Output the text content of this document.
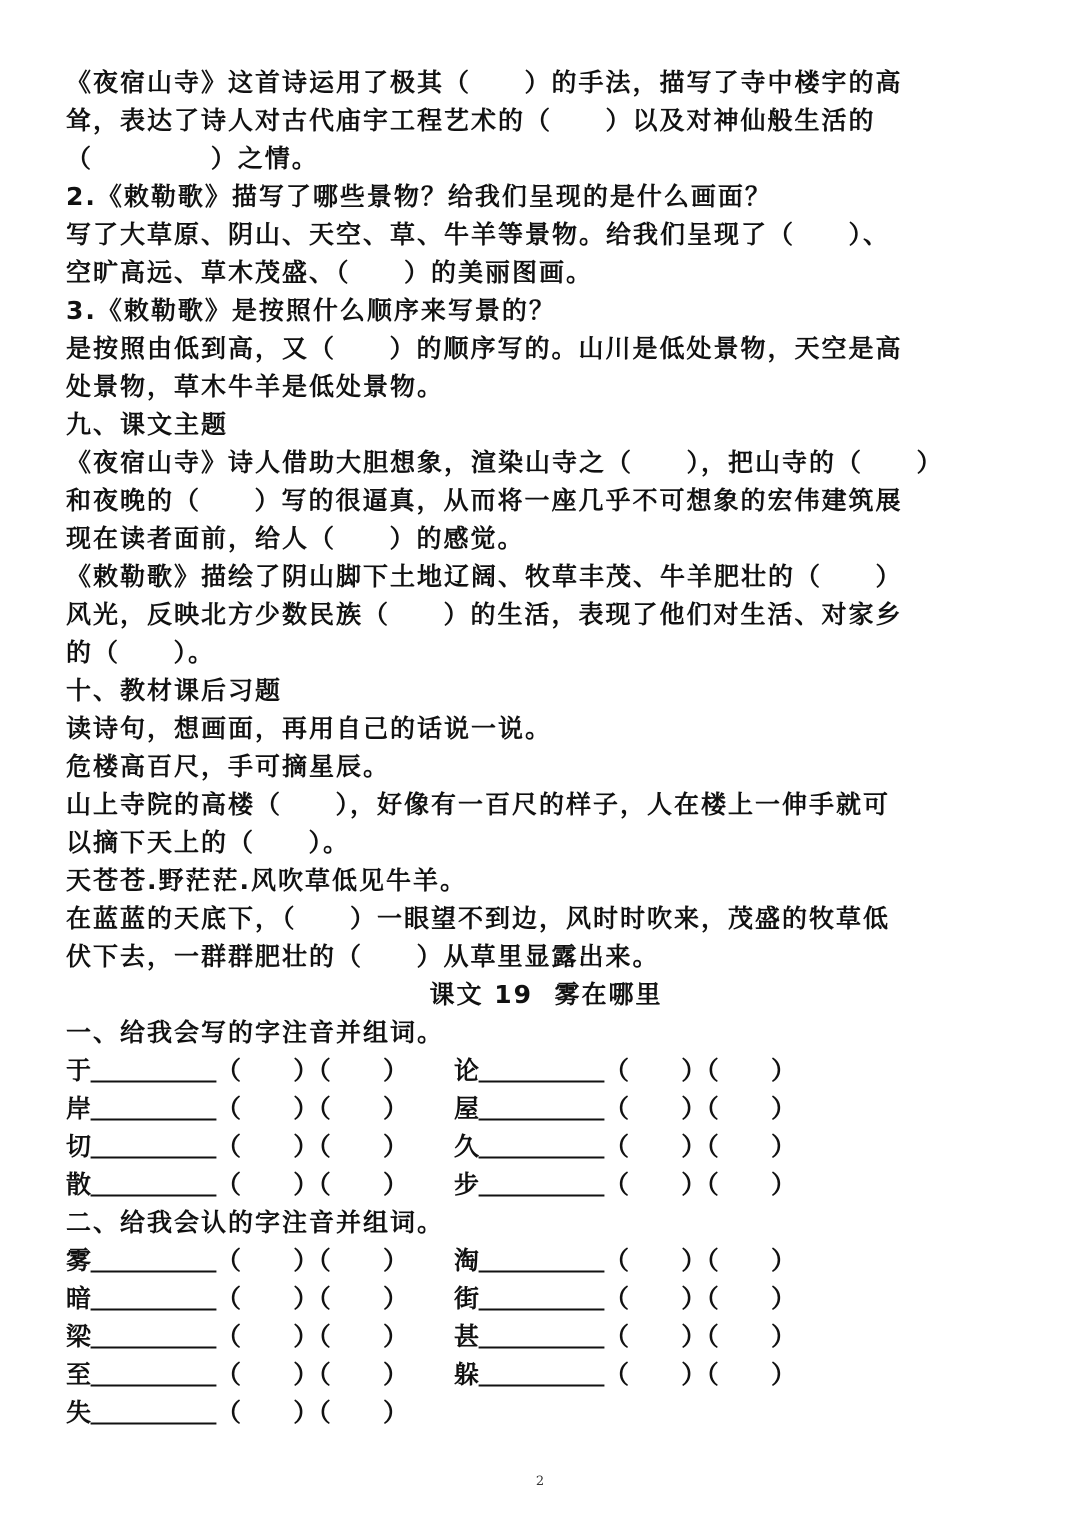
《夜宿山寺》这首诗运用了极其（     ）的手法，描写了寺中楼宇的高
耸，表达了诗人对古代庙宇工程艺术的（     ）以及对神仙般生活的
（           ）之情。
2.《敕勒歌》描写了哪些景物？给我们呈现的是什么画面？
写了大草原、阴山、天空、草、牛羊等景物。给我们呈现了（     ）、
空旷高远、草木茂盛、（     ）的美丽图画。
3.《敕勒歌》是按照什么顺序来写景的？
是按照由低到高，又（     ）的顺序写的。山川是低处景物，天空是高
处景物，草木牛羊是低处景物。
九、课文主题
《夜宿山寺》诗人借助大胆想象，渲染山寺之（     ），把山寺的（     ）
和夜晚的（     ）写的很逼真，从而将一座几乎不可想象的宏伟建筑展
现在读者面前，给人（     ）的感觉。
《敕勒歌》描绘了阴山脚下土地辽阔、牧草丰茂、牛羊肥壮的（     ）
风光，反映北方少数民族（     ）的生活，表现了他们对生活、对家乡
的（     ）。
十、教材课后习题
读诗句，想画面，再用自己的话说一说。
危楼高百尺，手可摘星辰。
山上寺院的高楼（     ），好像有一百尺的样子，人在楼上一伸手就可
以摘下天上的（     ）。
天苍苍.野茫茫.风吹草低见牛羊。
在蓝蓝的天底下，（     ）一眼望不到边，风时时吹来，茂盛的牧草低
伏下去，一群群肥壮的（     ）从草里显露出来。
课文 19  雾在哪里
一、给我会写的字注音并组词。
于＿＿＿＿＿（      ）（      ）	论＿＿＿＿＿（      ）（      ）
岸＿＿＿＿＿（      ）（      ）	屋＿＿＿＿＿（      ）（      ）
切＿＿＿＿＿（      ）（      ）	久＿＿＿＿＿（      ）（      ）
散＿＿＿＿＿（      ）（      ）	步＿＿＿＿＿（      ）（      ）
二、给我会认的字注音并组词。
雾＿＿＿＿＿（      ）（      ）	淘＿＿＿＿＿（      ）（      ）
暗＿＿＿＿＿（      ）（      ）	街＿＿＿＿＿（      ）（      ）
梁＿＿＿＿＿（      ）（      ）	甚＿＿＿＿＿（      ）（      ）
至＿＿＿＿＿（      ）（      ）	躲＿＿＿＿＿（      ）（      ）
失＿＿＿＿＿（      ）（      ）
2
